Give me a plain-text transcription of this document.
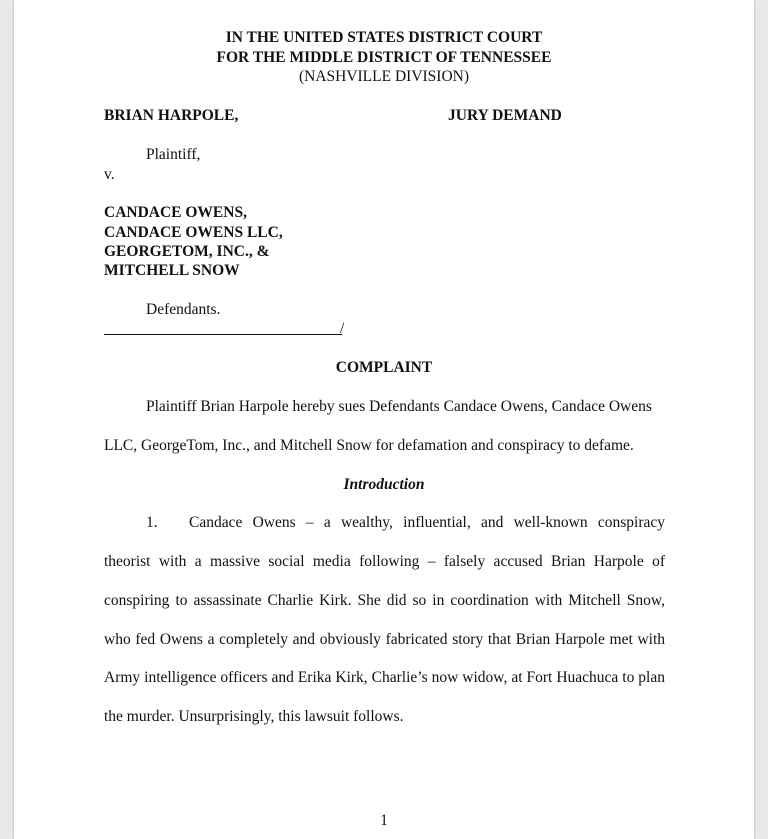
IN THE UNITED STATES DISTRICT COURT
FOR THE MIDDLE DISTRICT OF TENNESSEE
(NASHVILLE DIVISION)
BRIAN HARPOLE,	JURY DEMAND
Plaintiff,
v.
CANDACE OWENS,
CANDACE OWENS LLC,
GEORGETOM, INC., &
MITCHELL SNOW
Defendants.
/
COMPLAINT
Plaintiff Brian Harpole hereby sues Defendants Candace Owens, Candace Owens
LLC, GeorgeTom, Inc., and Mitchell Snow for defamation and conspiracy to defame.
Introduction
1. Candace Owens – a wealthy, influential, and well-known conspiracy
theorist with a massive social media following – falsely accused Brian Harpole of
conspiring to assassinate Charlie Kirk. She did so in coordination with Mitchell Snow,
who fed Owens a completely and obviously fabricated story that Brian Harpole met with
Army intelligence officers and Erika Kirk, Charlie’s now widow, at Fort Huachuca to plan
the murder. Unsurprisingly, this lawsuit follows.
1
